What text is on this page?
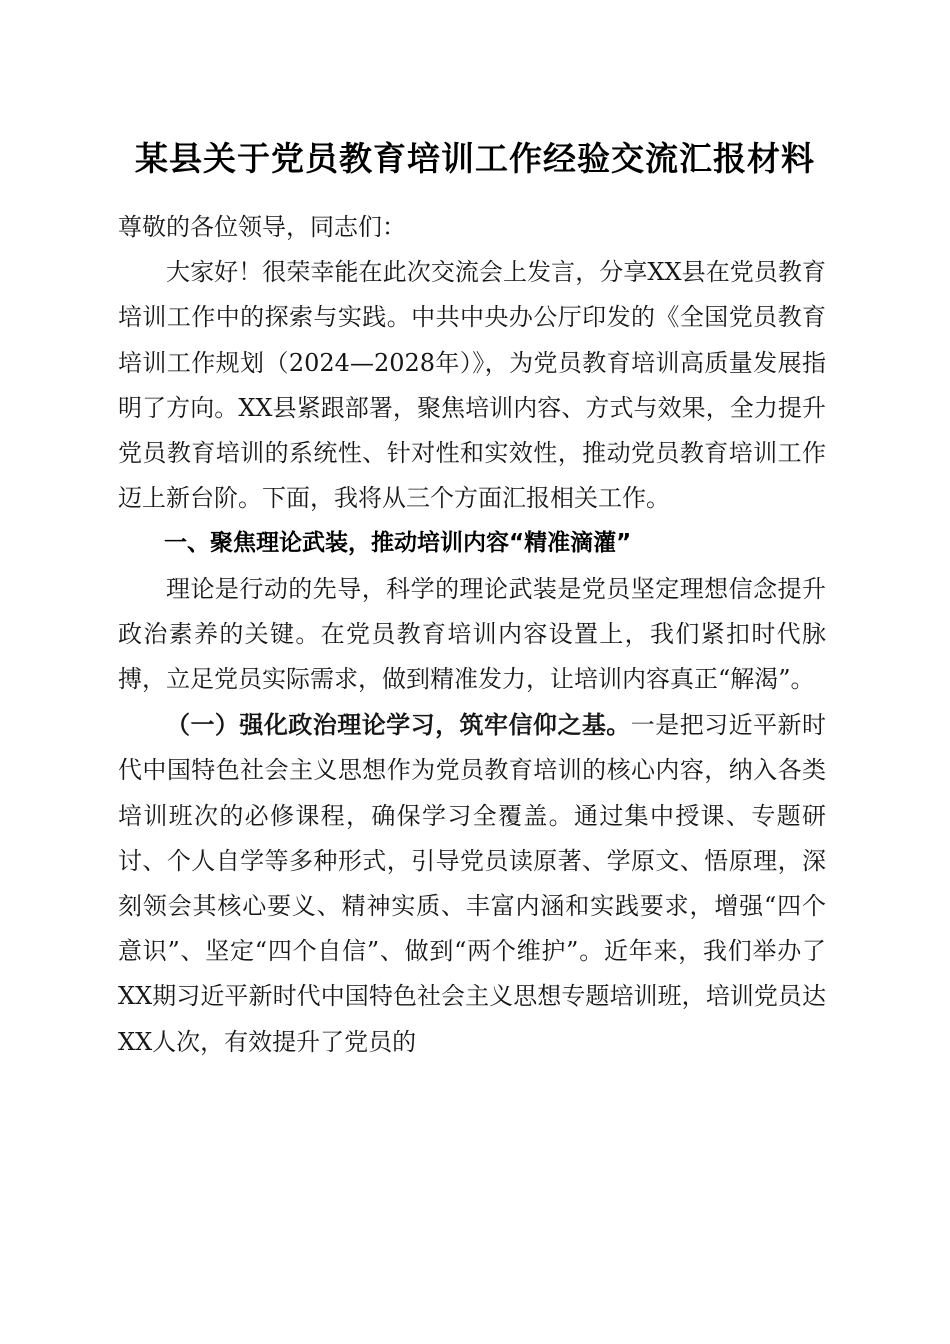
某县关于党员教育培训工作经验交流汇报材料

尊敬的各位领导，同志们：

大家好！很荣幸能在此次交流会上发言，分享XX县在党员教育培训工作中的探索与实践。中共中央办公厅印发的《全国党员教育培训工作规划（2024—2028年）》，为党员教育培训高质量发展指明了方向。XX县紧跟部署，聚焦培训内容、方式与效果，全力提升党员教育培训的系统性、针对性和实效性，推动党员教育培训工作迈上新台阶。下面，我将从三个方面汇报相关工作。

一、聚焦理论武装，推动培训内容“精准滴灌”

理论是行动的先导，科学的理论武装是党员坚定理想信念提升政治素养的关键。在党员教育培训内容设置上，我们紧扣时代脉搏，立足党员实际需求，做到精准发力，让培训内容真正“解渴”。

（一）强化政治理论学习，筑牢信仰之基。一是把习近平新时代中国特色社会主义思想作为党员教育培训的核心内容，纳入各类培训班次的必修课程，确保学习全覆盖。通过集中授课、专题研讨、个人自学等多种形式，引导党员读原著、学原文、悟原理，深刻领会其核心要义、精神实质、丰富内涵和实践要求，增强“四个意识”、坚定“四个自信”、做到“两个维护”。近年来，我们举办了XX期习近平新时代中国特色社会主义思想专题培训班，培训党员达XX人次，有效提升了党员的
